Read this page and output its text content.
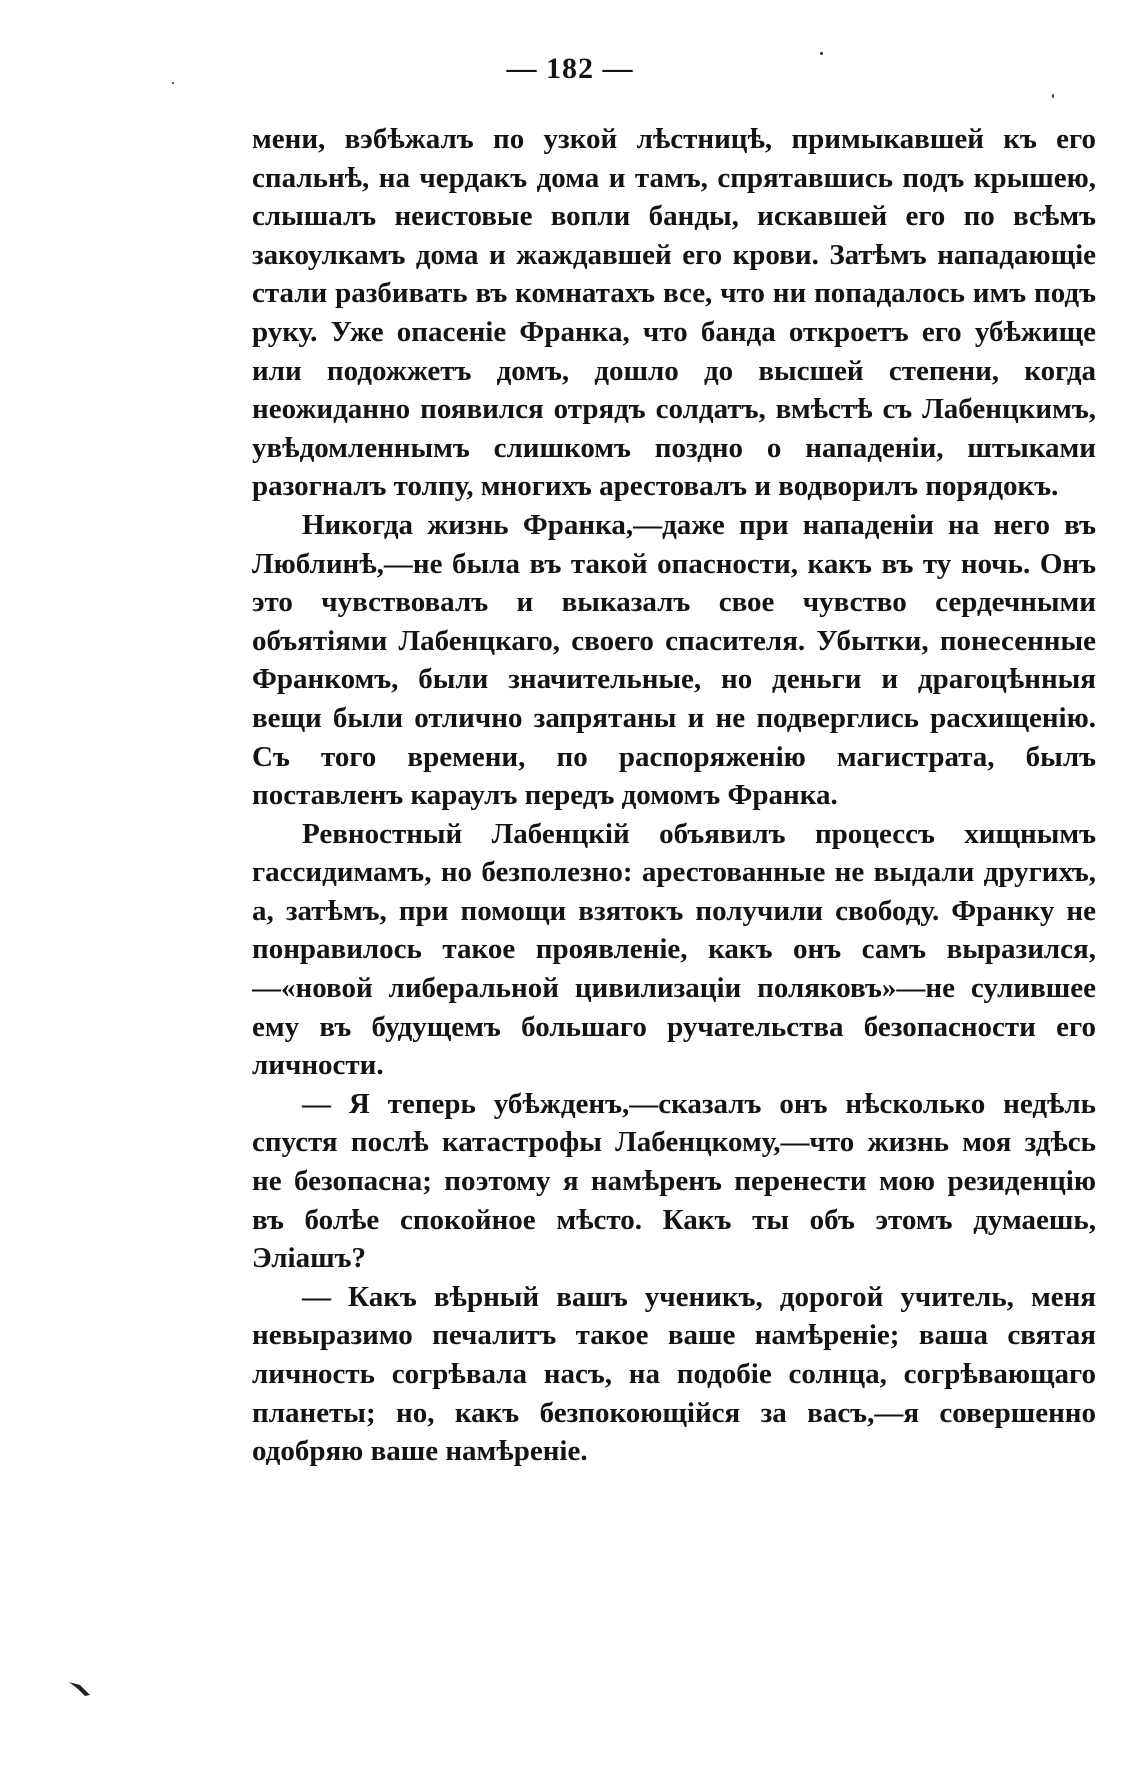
— 182 —

мени, вэбѣжалъ по узкой лѣстницѣ, примыкавшей къ его спальнѣ, на чердакъ дома и тамъ, спрятавшись подъ крышею, слышалъ неистовые вопли банды, искавшей его по всѣмъ закоулкамъ дома и жаждавшей его крови. Затѣмъ нападающіе стали разбивать въ комнатахъ все, что ни попадалось имъ подъ руку. Уже опасеніе Франка, что банда откроетъ его убѣжище или подожжетъ домъ, дошло до высшей степени, когда неожиданно появился отрядъ солдатъ, вмѣстѣ съ Лабенцкимъ, увѣдомленнымъ слишкомъ поздно о нападеніи, штыками разогналъ толпу, многихъ арестовалъ и водворилъ порядокъ.

Никогда жизнь Франка,—даже при нападеніи на него въ Люблинѣ,—не была въ такой опасности, какъ въ ту ночь. Онъ это чувствовалъ и выказалъ свое чувство сердечными объятіями Лабенцкаго, своего спасителя. Убытки, понесенные Франкомъ, были значительные, но деньги и драгоцѣнныя вещи были отлично запрятаны и не подверглись расхищенію. Съ того времени, по распоряженію магистрата, былъ поставленъ караулъ передъ домомъ Франка.

Ревностный Лабенцкій объявилъ процессъ хищнымъ гассидимамъ, но безполезно: арестованные не выдали другихъ, а, затѣмъ, при помощи взятокъ получили свободу. Франку не понравилось такое проявленіе, какъ онъ самъ выразился,—«новой либеральной цивилизаціи поляковъ»—не сулившее ему въ будущемъ большаго ручательства безопасности его личности.

— Я теперь убѣжденъ,—сказалъ онъ нѣсколько недѣль спустя послѣ катастрофы Лабенцкому,—что жизнь моя здѣсь не безопасна; поэтому я намѣренъ перенести мою резиденцію въ болѣе спокойное мѣсто. Какъ ты объ этомъ думаешь, Эліашъ?

— Какъ вѣрный вашъ ученикъ, дорогой учитель, меня невыразимо печалитъ такое ваше намѣреніе; ваша святая личность согрѣвала насъ, на подобіе солнца, согрѣвающаго планеты; но, какъ безпокоющійся за васъ,—я совершенно одобряю ваше намѣреніе.
